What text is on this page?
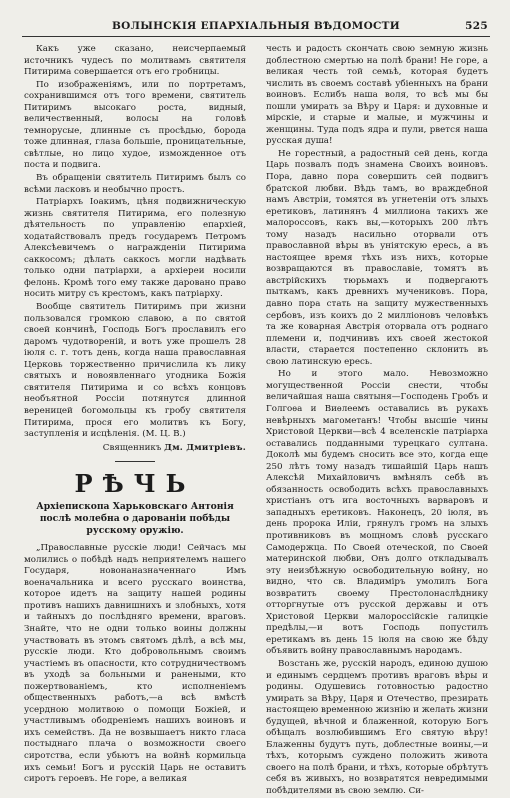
ВОЛЫНСКІЯ ЕПАРХІАЛЬНЫЯ ВѢДОМОСТИ	525

Какъ уже сказано, неисчерпаемый источникъ чудесъ по молитвамъ святителя Питирима совершается отъ его гробницы.

По изображеніямъ, или по портретамъ, сохранившимся отъ того времени, святитель Питиримъ высокаго роста, видный, величественный, волосы на головѣ темнорусые, длинные съ просѣдью, борода тоже длинная, глаза большіе, проницательные, свѣтлые, но лицо худое, изможденное отъ поста и подвига.

Въ обращеніи святитель Питиримъ былъ со всѣми ласковъ и необычно простъ.

Патріархъ Іоакимъ, цѣня подвижническую жизнь святителя Питирима, его полезную дѣятельность по управленію епархіей, ходатайствовалъ предъ государемъ Петромъ Алексѣевичемъ о награжденіи Питирима саккосомъ; дѣлать саккосъ могли надѣвать только одни патріархи, а архіереи носили фелонь. Кромѣ того ему также даровано право носить митру съ крестомъ, какъ патріарху.

Вообще святитель Питиримъ при жизни пользовался громкою славою, а по святой своей кончинѣ, Господь Богъ прославилъ его даромъ чудотвореній, и вотъ уже прошелъ 28 іюля с. г. тотъ день, когда наша православная Церковь торжественно причислила къ лику святыхъ и новоявленнаго угодника Божія святителя Питирима и со всѣхъ концовъ необъятной Россіи потянутся длинной вереницей богомольцы къ гробу святителя Питирима, прося его молитвъ къ Богу, заступленія и исцѣленія. (М. Ц. В.)

Священникъ Дм. Дмитріевъ.

РѢЧЬ

Архіепископа Харьковскаго Антонія послѣ молебна о дарованіи побѣды русскому оружію.

„Православные русскіе люди! Сейчасъ мы молились о побѣдѣ надъ неприятелемъ нашего Государя, новонаназначеннаго Имъ военачальника и всего русскаго воинства, которое идетъ на защиту нашей родины противъ нашихъ давнишнихъ и злобныхъ, хотя и тайныхъ до послѣдняго времени, враговъ. Знайте, что не одни только воины должны участвовать въ этомъ святомъ дѣлѣ, а всѣ мы, русскіе люди. Кто добровольнымъ своимъ участіемъ въ опасности, кто сотрудничествомъ въ уходѣ за больными и ранеными, кто пожертвованіемъ, кто исполненіемъ общественныхъ работъ,—а всѣ вмѣстѣ усердною молитвою о помощи Божіей, и участливымъ ободреніемъ нашихъ воиновъ и ихъ семействъ. Да не возвышаетъ никто гласа постыднаго плача о возможности своего сиротства, если убьютъ на войнѣ кормильца ихъ семьи! Богъ и русскій Царь не оставитъ сиротъ героевъ. Не горе, а великая

честь и радость скончать свою земную жизнь доблестною смертью на полѣ брани! Не горе, а великая честь той семьѣ, которая будетъ числить въ своемъ составѣ убіенныхъ на брани воиновъ. Еслибъ наша воля, то всѣ мы бы пошли умирать за Вѣру и Царя: и духовные и мірскіе, и старые и малые, и мужчины и женщины. Туда подъ ядра и пули, рвется наша русская душа!

Не горестный, а радостный сей день, когда Царь позвалъ подъ знамена Своихъ воиновъ. Пора, давно пора совершить сей подвигъ братской любви. Вѣдь тамъ, во враждебной намъ Австріи, томятся въ угнетеніи отъ злыхъ еретиковъ, латинянъ 4 миллиона такихъ же малороссовъ, какъ вы,—которыхъ 200 лѣтъ тому назадъ насильно оторвали отъ православной вѣры въ унiятскую ересь, а въ настоящее время тѣхъ изъ нихъ, которые возвращаются въ православіе, томятъ въ австрійскихъ тюрьмахъ и подвергаютъ пыткамъ, какъ древнихъ мучениковъ. Пора, давно пора стать на защиту мужественныхъ сербовъ, изъ коихъ до 2 милліоновъ человѣкъ та же коварная Австрія оторвала отъ роднаго племени и, подчинивъ ихъ своей жестокой власти, старается постепенно склонить въ свою латинскую ересь.

Но и этого мало. Невозможно могущественной Россіи снести, чтобы величайшая наша святыня—Господень Гробъ и Голгоѳа и Виѳлеемъ оставались въ рукахъ невѣрныхъ магометанъ! Чтобы высшіе чины Христовой Церкви—всѣ 4 вселенскіе патріарха оставались подданными турецкаго султана. Доколѣ мы будемъ сносить все это, когда еще 250 лѣтъ тому назадъ тишайшій Царь нашъ Алексѣй Михайловичъ вмѣнялъ себѣ въ обязанность освободить всѣхъ православныхъ христіанъ отъ ига восточныхъ варваровъ и западныхъ еретиковъ. Наконецъ, 20 іюля, въ день пророка Иліи, грянулъ громъ на злыхъ противниковъ въ мощномъ словѣ русскаго Самодержца. По Своей отеческой, по Своей материнской любви, Онъ долго откладывалъ эту неизбѣжную освободительную войну, но видно, что св. Владиміръ умолилъ Бога возвратить своему Престолонаслѣднику отторгнутые отъ русской державы и отъ Христовой Церкви малороссійскіе галицкіе предѣлы,—и вотъ Господь попустилъ еретикамъ въ день 15 іюля на свою же бѣду объявить войну православнымъ народамъ.

Возстань же, русскій народъ, единою душою и единымъ сердцемъ противъ враговъ вѣры и родины. Одушевись готовностью радостно умирать за Вѣру, Царя и Отечество, презирать настоящею временною жизнію и желать жизни будущей, вѣчной и блаженной, которую Богъ обѣщалъ возлюбившимъ Его святую вѣру! Блаженны будутъ путь, доблестные воины,—и тѣхъ, которымъ суждено положить живота своего на полѣ брани, и тѣхъ, которые обрѣтутъ себя въ живыхъ, но возвратятся невредимыми побѣдителями въ свою землю. Си-
